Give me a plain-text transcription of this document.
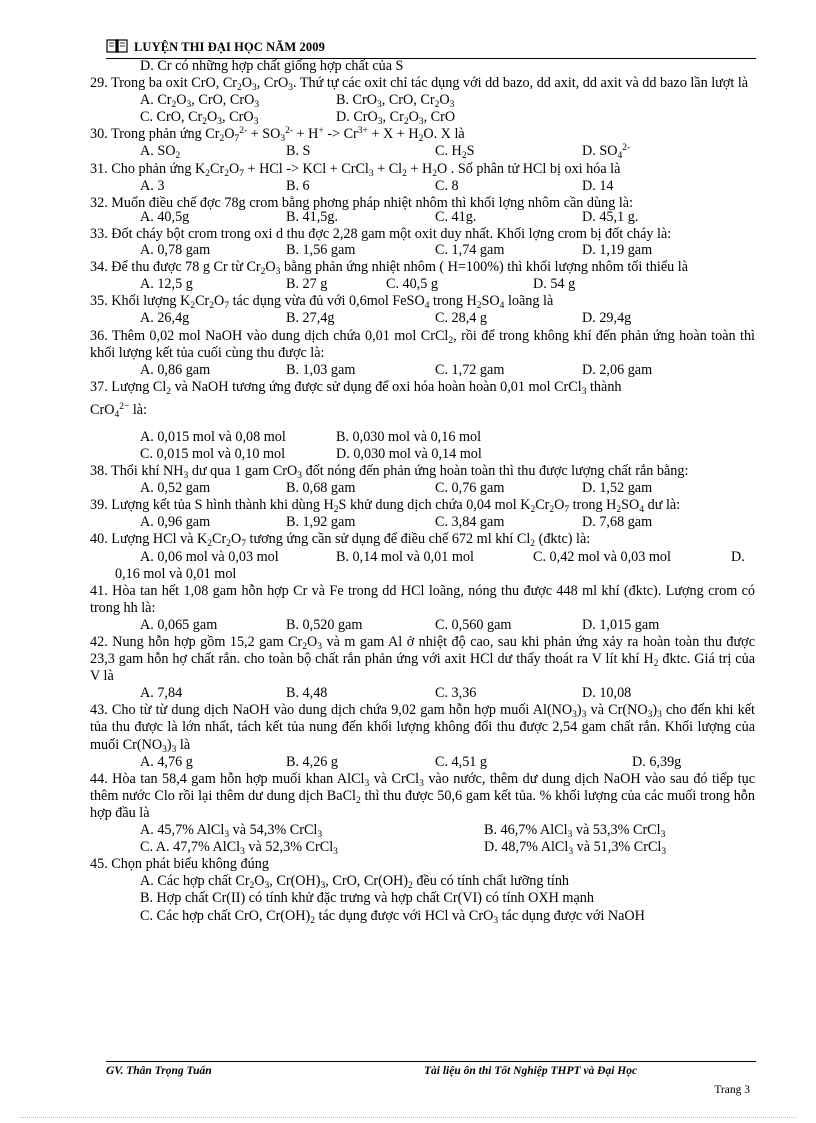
LUYỆN THI ĐẠI HỌC NĂM 2009
D. Cr có những hợp chất giống hợp chất của S
29. Trong ba oxit CrO, $Cr_2O_3$, CrO$_3$. Thứ tự các oxit chỉ tác dụng với dd bazo, dd axit, dd axit và dd bazo lần lượt là
A. $Cr_2O_3$, CrO, CrO$_3$	B. CrO$_3$, CrO, $Cr_2O_3$
C. CrO, $Cr_2O_3$, CrO$_3$	D. CrO$_3$, $Cr_2O_3$, CrO
30. Trong phản ứng $Cr_2O_7^{2-} + SO_3^{2-} + H^+ -> Cr^{3+} + X + H_2O$. X là
A. $SO_2$	B. S	C. $H_2S$	D. $SO_4^{2-}$
31. Cho phản ứng $K_2Cr_2O_7$ + HCl -> KCl + CrCl$_3$ + $Cl_2 + H_2O$ . Số phân tử HCl bị oxi hóa là
A. 3	B. 6	C. 8	D. 14
32. Muốn điều chế đợc 78g crom bằng phơng pháp nhiệt nhôm thì khối lợng nhôm cần dùng là:
A. 40,5g	B. 41,5g.	C. 41g.	D. 45,1 g.
33. Đốt cháy bột crom trong oxi d thu đợc 2,28 gam một oxit duy nhất. Khối lợng crom bị đốt cháy là:
A. 0,78 gam	B. 1,56 gam	C. 1,74 gam	D. 1,19 gam
34. Để thu được 78 g Cr từ $Cr_2O_3$ bằng phản ứng nhiệt nhôm ( H=100%) thì khối lượng nhôm tối thiểu là
A. 12,5 g	B. 27 g	C. 40,5 g	D. 54 g
35. Khối lượng $K_2Cr_2O_7$ tác dụng vừa đủ với 0,6mol FeSO$_4$ trong $H_2SO_4$ loãng là
A. 26,4g	B. 27,4g	C. 28,4 g	D. 29,4g
36. Thêm 0,02 mol NaOH vào dung dịch chứa 0,01 mol CrCl$_2$, rồi để trong không khí đến phản ứng hoàn toàn thì khối lượng kết tủa cuối cùng thu được là:
A. 0,86 gam	B. 1,03 gam	C. 1,72 gam	D. 2,06 gam
37. Lượng $Cl_2$ và NaOH tương ứng được sử dụng để oxi hóa hoàn hoàn 0,01 mol CrCl$_3$ thành
CrO$_4^{2-}$ là:
A. 0,015 mol và 0,08 mol	B. 0,030 mol và 0,16 mol
C. 0,015 mol và 0,10 mol	D. 0,030 mol và 0,14 mol
38. Thổi khí $NH_3$ dư qua 1 gam CrO$_3$ đốt nóng đến phản ứng hoàn toàn thì thu được lượng chất rắn bằng:
A. 0,52 gam	B. 0,68 gam	C. 0,76 gam	D. 1,52 gam
39. Lượng kết tủa S hình thành khi dùng $H_2S$ khử dung dịch chứa 0,04 mol $K_2Cr_2O_7$ trong $H_2SO_4$ dư là:
A. 0,96 gam	B. 1,92 gam	C. 3,84 gam	D. 7,68 gam
40. Lượng HCl và $K_2Cr_2O_7$ tương ứng cần sử dụng để điều chế 672 ml khí $Cl_2$ (đktc) là:
A. 0,06 mol và 0,03 mol	B. 0,14 mol và 0,01 mol	C. 0,42 mol và 0,03 mol	D.
0,16 mol và 0,01 mol
41. Hòa tan hết 1,08 gam hỗn hợp Cr và Fe trong dd HCl loãng, nóng thu được 448 ml khí (đktc). Lượng crom có trong hh là:
A. 0,065 gam	B. 0,520 gam	C. 0,560 gam	D. 1,015 gam
42. Nung hỗn hợp gồm 15,2 gam $Cr_2O_3$ và m gam Al ở nhiệt độ cao, sau khi phản ứng xảy ra hoàn toàn thu được 23,3 gam hỗn hợ chất rắn. cho toàn bộ chất rắn phản ứng với axit HCl dư thấy thoát ra V lít khí $H_2$ đktc. Giá trị của V là
A. 7,84	B. 4,48	C. 3,36	D. 10,08
43. Cho từ từ dung dịch NaOH vào dung dịch chứa 9,02 gam hỗn hợp muối $Al(NO_3)_3$ và $Cr(NO_3)_3$ cho đến khi kết tủa thu được là lớn nhất, tách kết tủa nung đến khối lượng không đổi thu được 2,54 gam chất rắn. Khối lượng của muối $Cr(NO_3)_3$ là
A. 4,76 g	B. 4,26 g	C. 4,51 g	D. 6,39g
44. Hòa tan 58,4 gam hỗn hợp muối khan AlCl$_3$ và CrCl$_3$ vào nước, thêm dư dung dịch NaOH vào sau đó tiếp tục thêm nước Clo rồi lại thêm dư dung dịch BaCl$_2$ thì thu được 50,6 gam kết tủa. % khối lượng của các muối trong hỗn hợp đầu là
A. 45,7% AlCl$_3$ và 54,3% CrCl$_3$	B. 46,7% AlCl$_3$ và 53,3% CrCl$_3$
C. A. 47,7% AlCl$_3$ và 52,3% CrCl$_3$	D. 48,7% AlCl$_3$ và 51,3% CrCl$_3$
45. Chọn phát biểu không đúng
A. Các hợp chất $Cr_2O_3$, $Cr(OH)_3$, CrO, $Cr(OH)_2$ đều có tính chất lưỡng tính
B. Hợp chất Cr(II) có tính khử đặc trưng và hợp chất Cr(VI) có tính OXH mạnh
C. Các hợp chất CrO, $Cr(OH)_2$ tác dụng được với HCl và CrO$_3$ tác dụng được với NaOH
GV. Thân Trọng Tuấn	Tài liệu ôn thi Tốt Nghiệp THPT và Đại Học
Trang 3
